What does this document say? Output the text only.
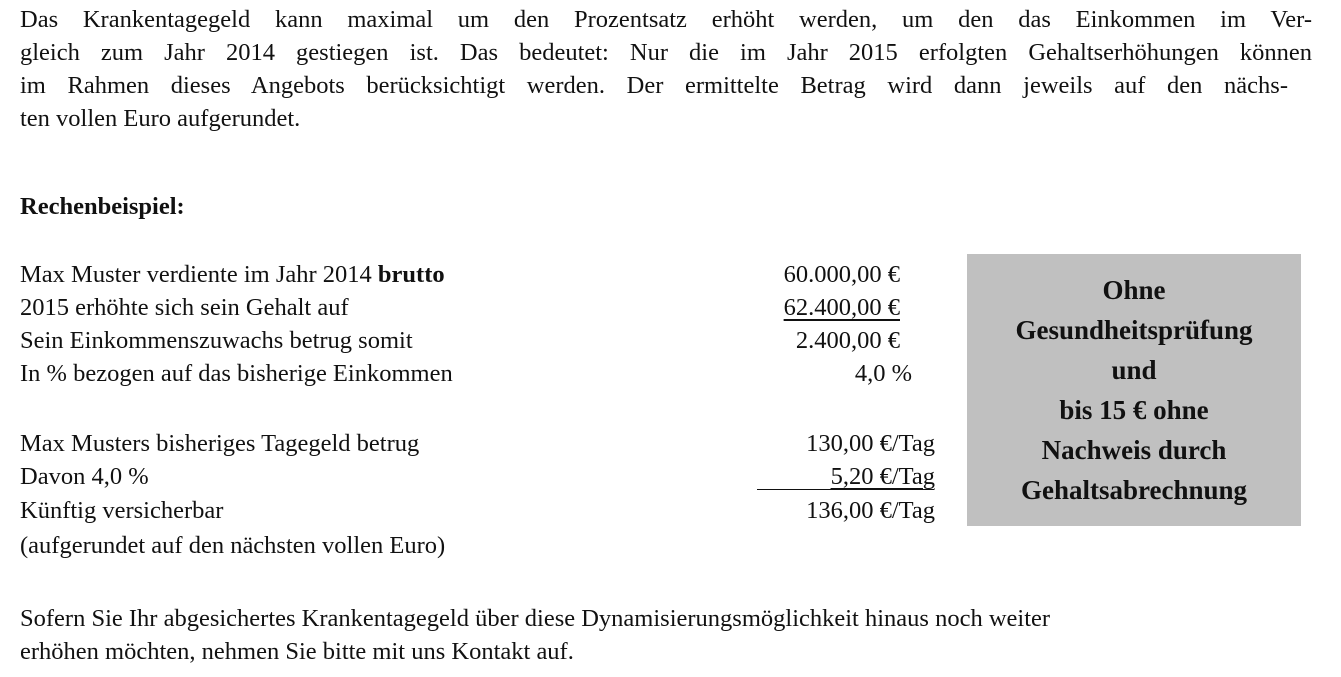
Das Krankentagegeld kann maximal um den Prozentsatz erhöht werden, um den das Einkommen im Ver-
gleich zum Jahr 2014 gestiegen ist. Das bedeutet: Nur die im Jahr 2015 erfolgten Gehaltserhöhungen können
im Rahmen dieses Angebots berücksichtigt werden. Der ermittelte Betrag wird dann jeweils auf den nächs-
ten vollen Euro aufgerundet.
Rechenbeispiel:
Max Muster verdiente im Jahr 2014 brutto	60.000,00 €
2015 erhöhte sich sein Gehalt auf	62.400,00 €
Sein Einkommenszuwachs betrug somit	2.400,00 €
In % bezogen auf das bisherige Einkommen	4,0 %
Max Musters bisheriges Tagegeld betrug	130,00 €/Tag
Davon 4,0 %	5,20 €/Tag
Künftig versicherbar	136,00 €/Tag
(aufgerundet auf den nächsten vollen Euro)
Ohne
Gesundheitsprüfung
und
bis 15 € ohne
Nachweis durch
Gehaltsabrechnung
Sofern Sie Ihr abgesichertes Krankentagegeld über diese Dynamisierungsmöglichkeit hinaus noch weiter
erhöhen möchten, nehmen Sie bitte mit uns Kontakt auf.
